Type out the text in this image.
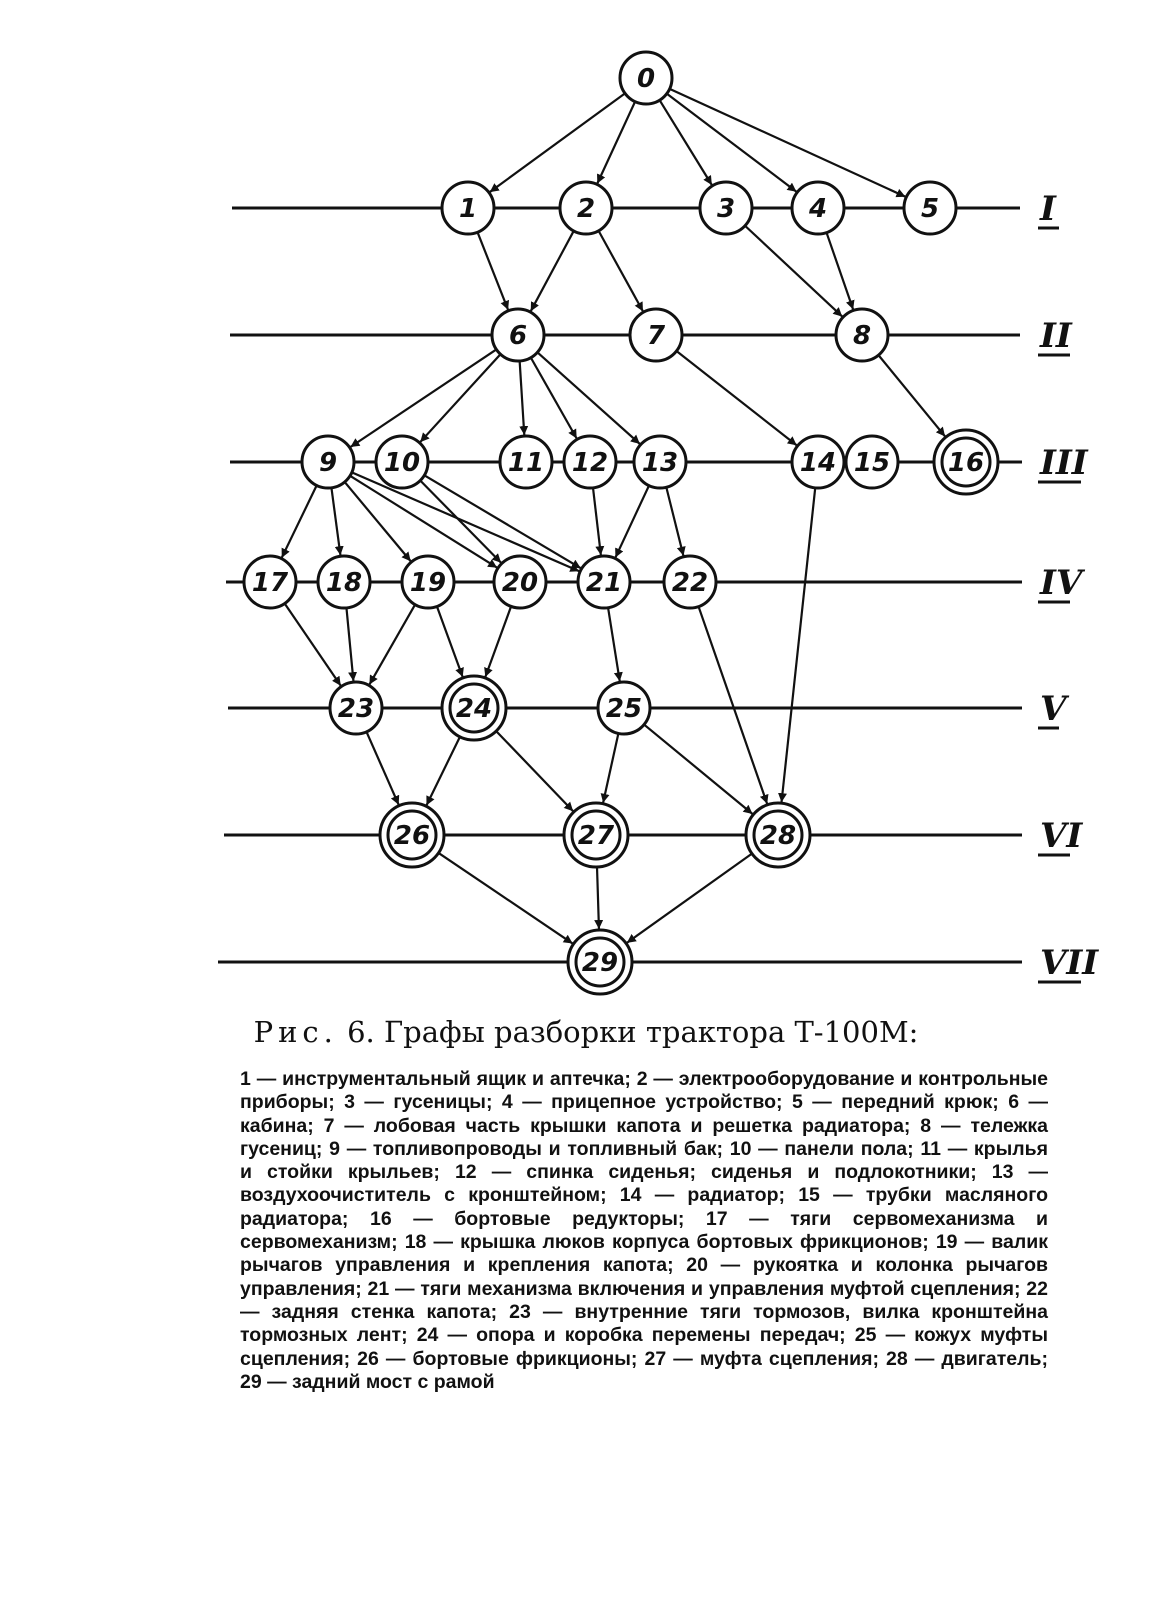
I
II
III
IV
V
VI
VII
0
1	2	3	4	5
6	7	8
9 10	11 12 13	14 15 16
17 18 19 20 21 22
23	24	25
26	27	28
29
Рис. 6. Графы разборки трактора Т-100М:
1 — инструментальный ящик и аптечка; 2 — электрооборудование и контрольные приборы; 3 — гусеницы; 4 — прицепное устройство; 5 — передний крюк; 6 — кабина; 7 — лобовая часть крышки капота и решетка радиатора; 8 — тележка гусениц; 9 — топливопроводы и топливный бак; 10 — панели пола; 11 — крылья и стойки крыльев; 12 — спинка сиденья; сиденья и подлокотники; 13 — воздухоочиститель с кронштейном; 14 — радиатор; 15 — трубки масляного радиатора; 16 — бортовые редукторы; 17 — тяги сервомеханизма и сервомеханизм; 18 — крышка люков корпуса бортовых фрикционов; 19 — валик рычагов управления и крепления капота; 20 — рукоятка и колонка рычагов управления; 21 — тяги механизма включения и управления муфтой сцепления; 22 — задняя стенка капота; 23 — внутренние тяги тормозов, вилка кронштейна тормозных лент; 24 — опора и коробка перемены передач; 25 — кожух муфты сцепления; 26 — бортовые фрикционы; 27 — муфта сцепления; 28 — двигатель; 29 — задний мост с рамой
